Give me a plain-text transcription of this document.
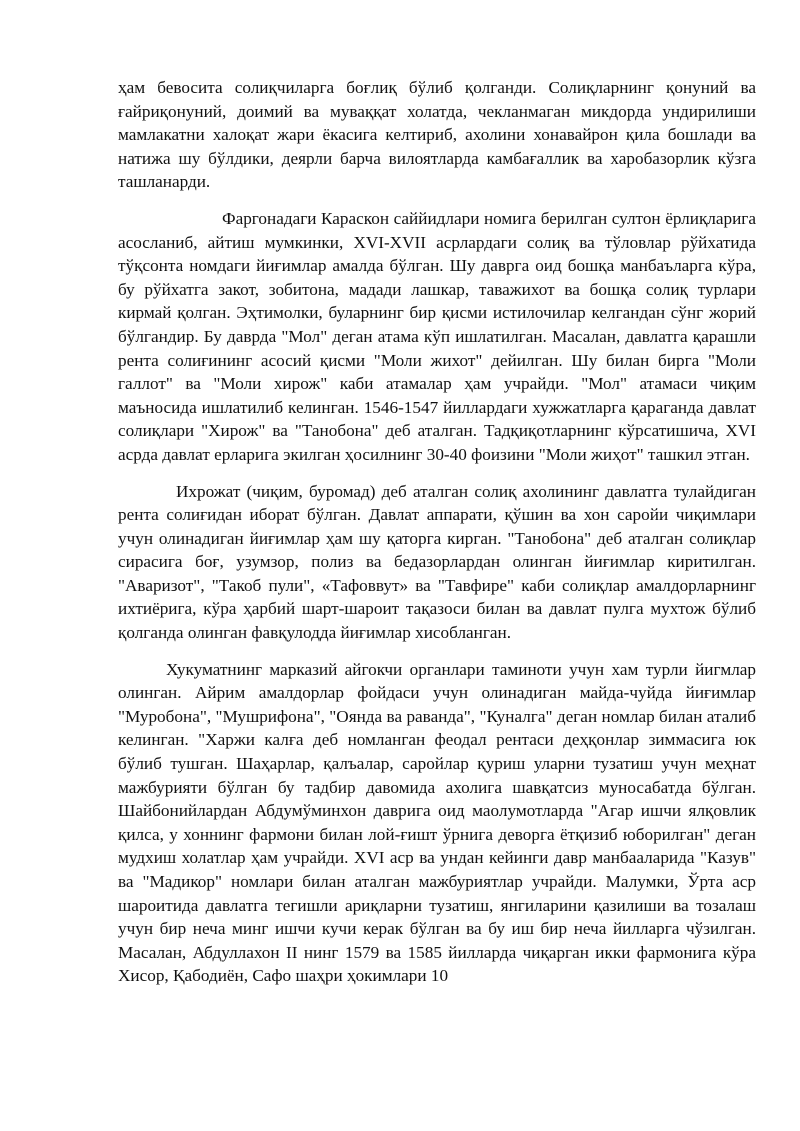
ҳам бевосита солиқчиларга боғлиқ бўлиб қолганди. Солиқларнинг қонуний ва ғайриқонуний, доимий ва муваққат холатда, чекланмаган микдорда ундирилиши мамлакатни халоқат жари ёкасига келтириб, ахолини хонавайрон қила бошлади ва натижа шу бўлдики, деярли барча вилоятларда камбағаллик ва харобазорлик кўзга ташланарди.

Фаргонадаги Караскон саййидлари номига берилган султон ёрлиқларига асосланиб, айтиш мумкинки, XVI-XVII асрлардаги солиқ ва тўловлар рўйхатида тўқсонта номдаги йиғимлар амалда бўлган. Шу даврга оид бошқа манбаъларга кўра, бу рўйхатга закот, зобитона, мадади лашкар, таважихот ва бошқа солиқ турлари кирмай қолган. Эҳтимолки, буларнинг бир қисми истилочилар келгандан сўнг жорий бўлгандир. Бу даврда "Мол" деган атама кўп ишлатилган. Масалан, давлатга қарашли рента солиғининг асосий қисми "Моли жихот" дейилган. Шу билан бирга "Моли галлот" ва "Моли хирож" каби атамалар ҳам учрайди. "Мол" атамаси чиқим маъносида ишлатилиб келинган. 1546-1547 йиллардаги хужжатларга қараганда давлат солиқлари "Хирож" ва "Танобона" деб аталган. Тадқиқотларнинг кўрсатишича, XVI асрда давлат ерларига экилган ҳосилнинг 30-40 фоизини "Моли жиҳот" ташкил этган.

Ихрожат (чиқим, буромад) деб аталган солиқ ахолининг давлатга тулайдиган рента солиғидан иборат бўлган. Давлат аппарати, қўшин ва хон саройи чиқимлари учун олинадиган йиғимлар ҳам шу қаторга кирган. "Танобона" деб аталган солиқлар сирасига боғ, узумзор, полиз ва бедазорлардан олинган йиғимлар киритилган. "Аваризот", "Такоб пули", «Тафоввут» ва "Тавфире" каби солиқлар амалдорларнинг ихтиёрига, кўра ҳарбий шарт-шароит тақазоси билан ва давлат пулга мухтож бўлиб қолганда олинган фавқулодда йиғимлар хисобланган.

Хукуматнинг марказий айгокчи органлари таминоти учун хам турли йигмлар олинган. Айрим амалдорлар фойдаси учун олинадиган майда-чуйда йиғимлар "Муробона", "Мушрифона", "Оянда ва раванда", "Куналга" деган номлар билан аталиб келинган. "Харжи калға деб номланган феодал рентаси деҳқонлар зиммасига юк бўлиб тушган. Шаҳарлар, қалъалар, саройлар қуриш уларни тузатиш учун меҳнат мажбурияти бўлган бу тадбир давомида ахолига шавқатсиз муносабатда бўлган. Шайбонийлардан Абдумўминхон даврига оид маолумотларда "Агар ишчи ялқовлик қилса, у хоннинг фармони билан лой-ғишт ўрнига деворга ётқизиб юборилган" деган мудхиш холатлар ҳам учрайди. XVI аср ва ундан кейинги давр манбааларида "Казув" ва "Мадикор" номлари билан аталган мажбуриятлар учрайди. Малумки, Ўрта аср шароитида давлатга тегишли ариқларни тузатиш, янгиларини қазилиши ва тозалаш учун бир неча минг ишчи кучи керак бўлган ва бу иш бир неча йилларга чўзилган. Масалан, Абдуллахон II нинг 1579 ва 1585 йилларда чиқарган икки фармонига кўра Хисор, Қабодиён, Сафо шаҳри ҳокимлари 10
